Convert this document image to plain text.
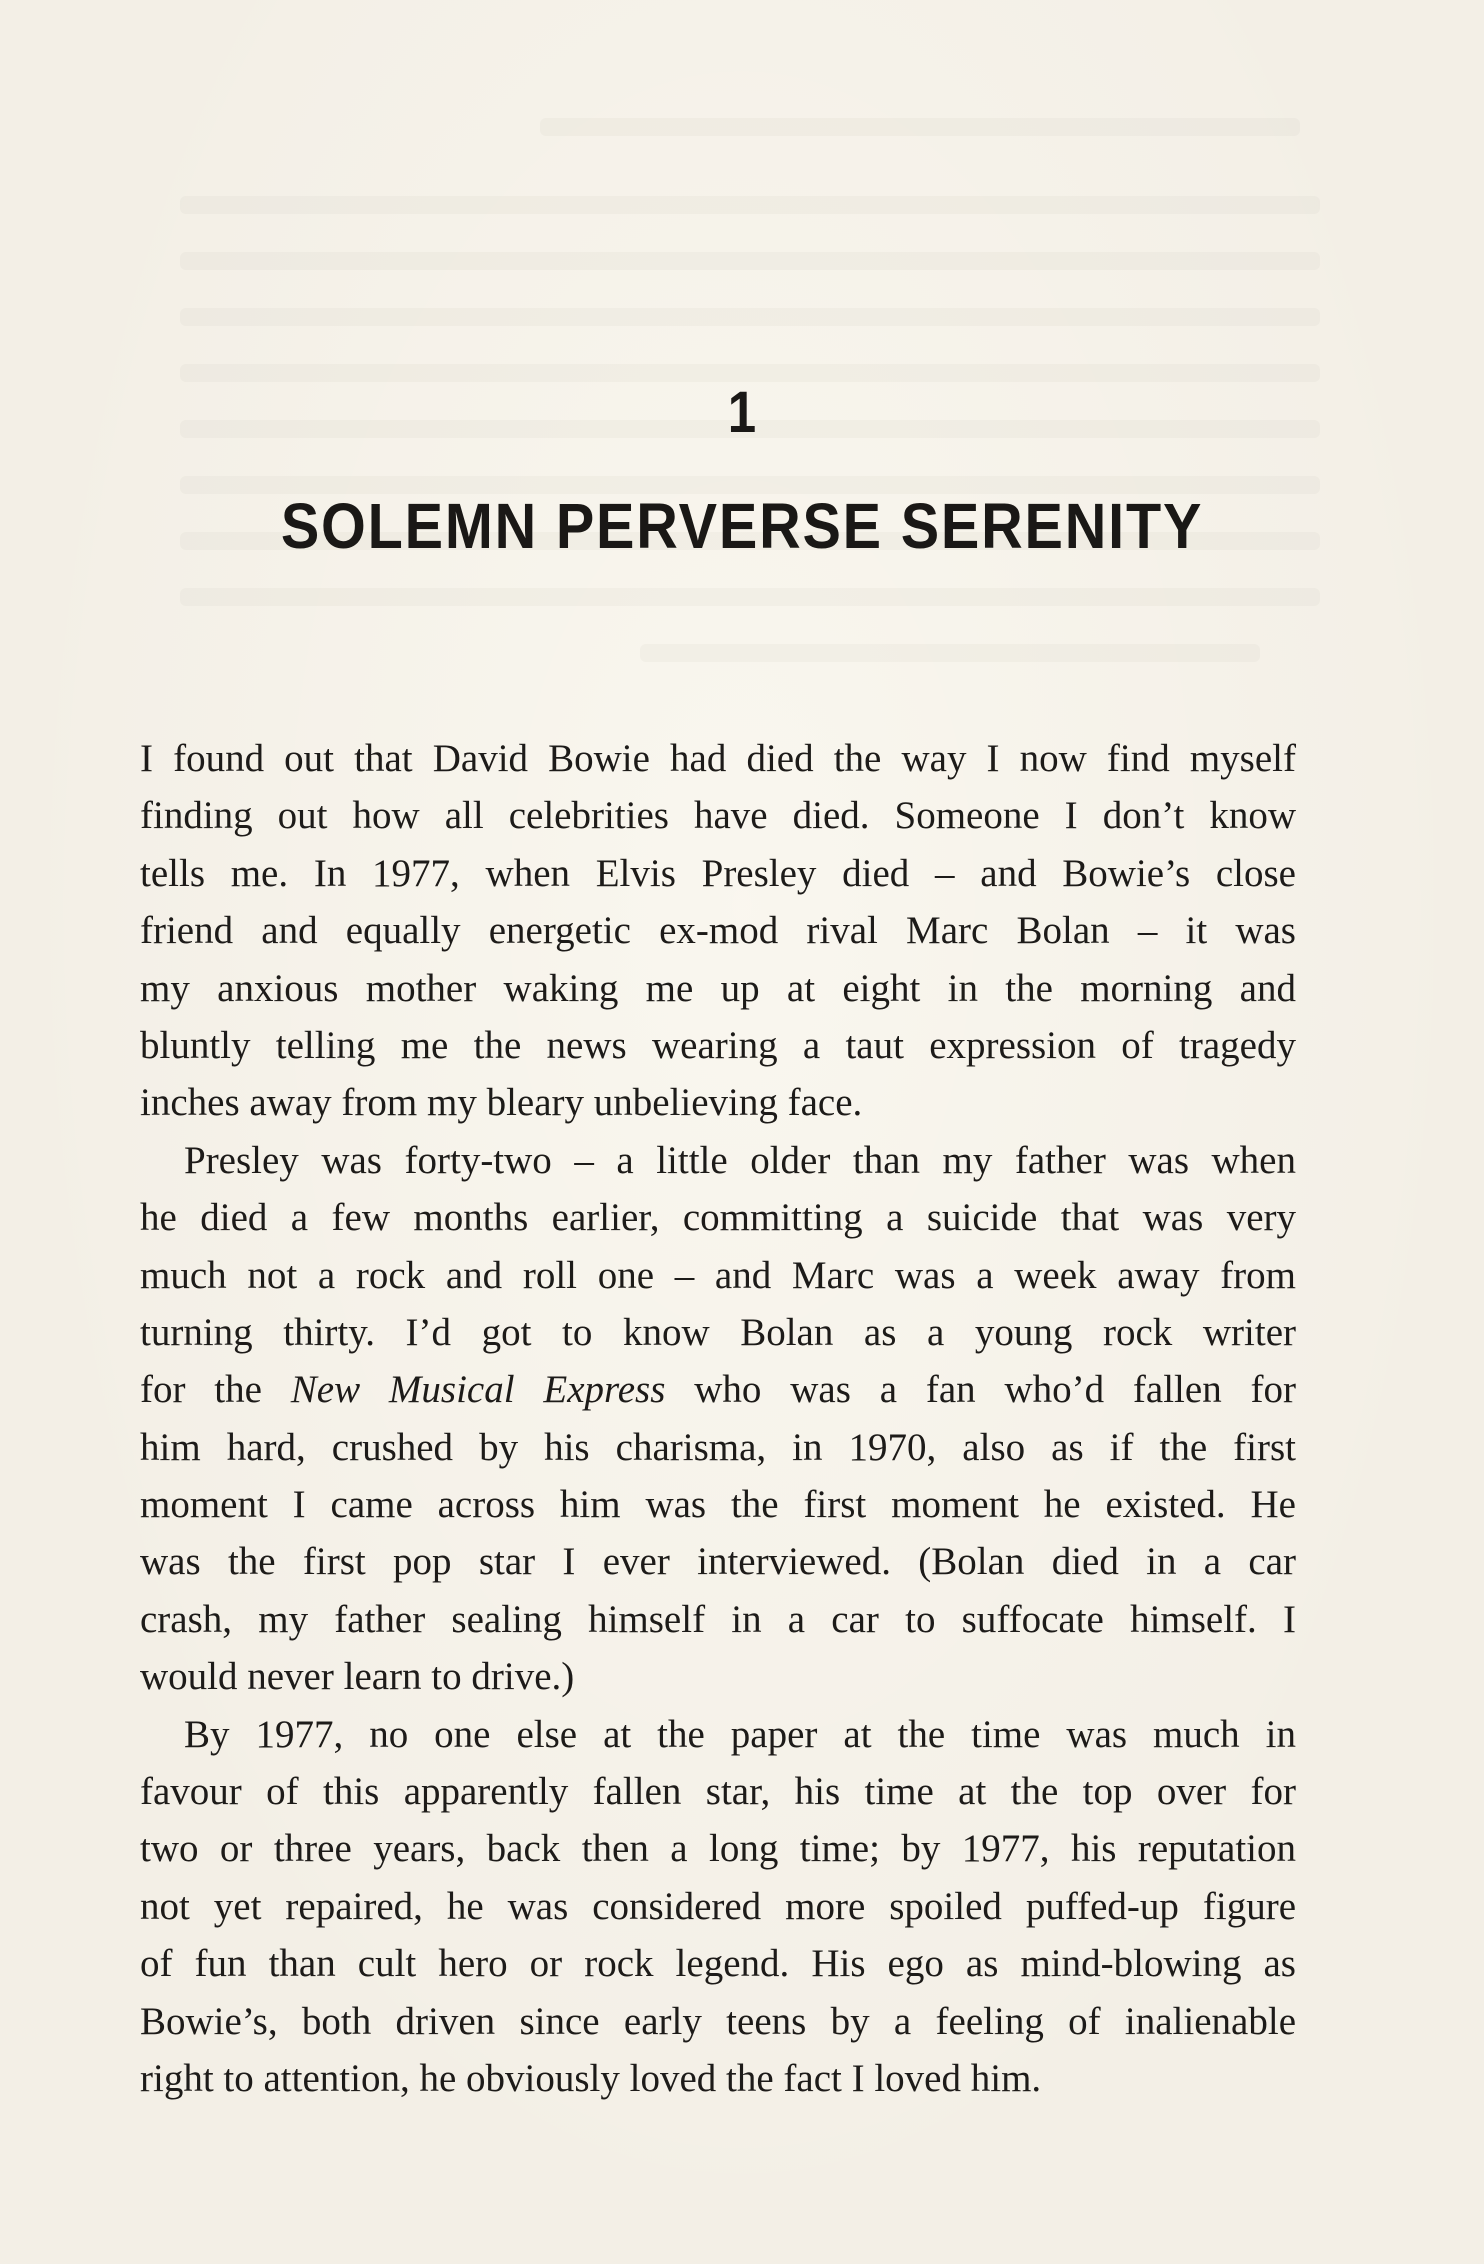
1
SOLEMN PERVERSE SERENITY
I found out that David Bowie had died the way I now find myself
finding out how all celebrities have died. Someone I don’t know
tells me. In 1977, when Elvis Presley died – and Bowie’s close
friend and equally energetic ex-mod rival Marc Bolan – it was
my anxious mother waking me up at eight in the morning and
bluntly telling me the news wearing a taut expression of tragedy
inches away from my bleary unbelieving face.
Presley was forty-two – a little older than my father was when
he died a few months earlier, committing a suicide that was very
much not a rock and roll one – and Marc was a week away from
turning thirty. I’d got to know Bolan as a young rock writer
for the New Musical Express who was a fan who’d fallen for
him hard, crushed by his charisma, in 1970, also as if the first
moment I came across him was the first moment he existed. He
was the first pop star I ever interviewed. (Bolan died in a car
crash, my father sealing himself in a car to suffocate himself. I
would never learn to drive.)
By 1977, no one else at the paper at the time was much in
favour of this apparently fallen star, his time at the top over for
two or three years, back then a long time; by 1977, his reputation
not yet repaired, he was considered more spoiled puffed-up figure
of fun than cult hero or rock legend. His ego as mind-blowing as
Bowie’s, both driven since early teens by a feeling of inalienable
right to attention, he obviously loved the fact I loved him.
